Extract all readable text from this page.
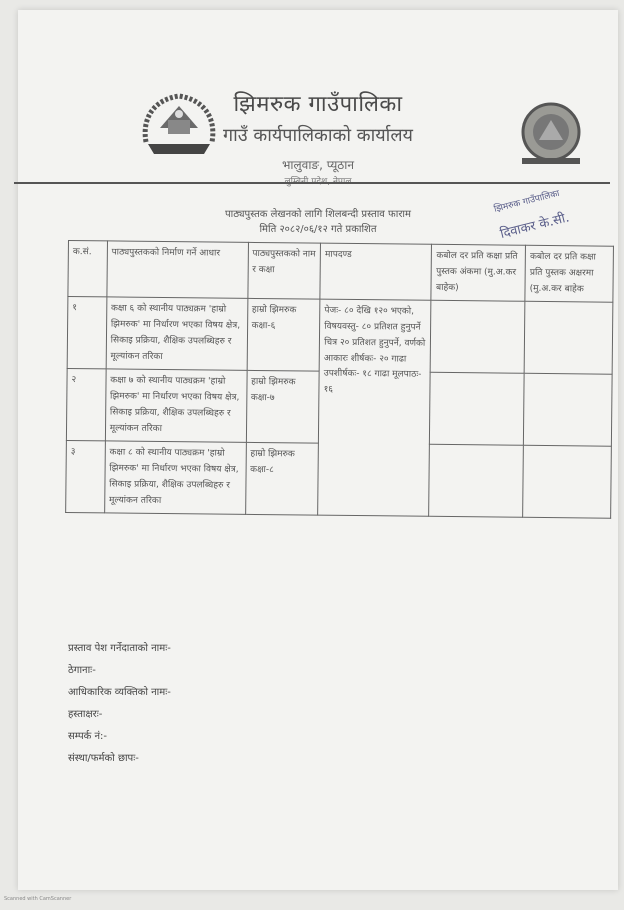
झिमरुक गाउँपालिका
गाउँ कार्यपालिकाको कार्यालय
भालुवाङ, प्यूठान
झिमरुक गाउँपालिका
दिवाकर के.सी.
पाठ्यपुस्तक लेखनको लागि शिलबन्दी प्रस्ताव फाराम
मिति २०८२/०६/१२ गते प्रकाशित
क.सं.	पाठ्यपुस्तकको निर्माण गर्ने आधार	पाठ्यपुस्तकको नाम र कक्षा	मापदण्ड	कबोल दर प्रति कक्षा प्रति पुस्तक अंकमा (मु.अ.कर बाहेक)	कबोल दर प्रति कक्षा प्रति पुस्तक अक्षरमा (मु.अ.कर बाहेक
१	कक्षा ६ को स्थानीय पाठ्यक्रम 'हाम्रो झिमरुक' मा निर्धारण भएका विषय क्षेत्र, सिकाइ प्रक्रिया, शैक्षिक उपलब्धिहरु र मूल्यांकन तरिका	हाम्रो झिमरुक कक्षा-६	पेजः- ८० देखि १२० भएको, विषयवस्तु- ८० प्रतिशत हुनुपर्ने चित्र २० प्रतिशत हुनुपर्ने, वर्णको आकारः शीर्षकः- २० गाढा उपशीर्षकः- १८ गाढा मूलपाठः- १६		
२	कक्षा ७ को स्थानीय पाठ्यक्रम 'हाम्रो झिमरुक' मा निर्धारण भएका विषय क्षेत्र, सिकाइ प्रक्रिया, शैक्षिक उपलब्धिहरु र मूल्यांकन तरिका	हाम्रो झिमरुक कक्षा-७			
३	कक्षा ८ को स्थानीय पाठ्यक्रम 'हाम्रो झिमरुक' मा निर्धारण भएका विषय क्षेत्र, सिकाइ प्रक्रिया, शैक्षिक उपलब्धिहरु र मूल्यांकन तरिका	हाम्रो झिमरुक कक्षा-८			
प्रस्ताव पेश गर्नेदाताको नामः-
ठेगानाः-
आधिकारिक व्यक्तिको नामः-
हस्ताक्षरः-
सम्पर्क नं:-
संस्था/फर्मको छापः-
Scanned with CamScanner
